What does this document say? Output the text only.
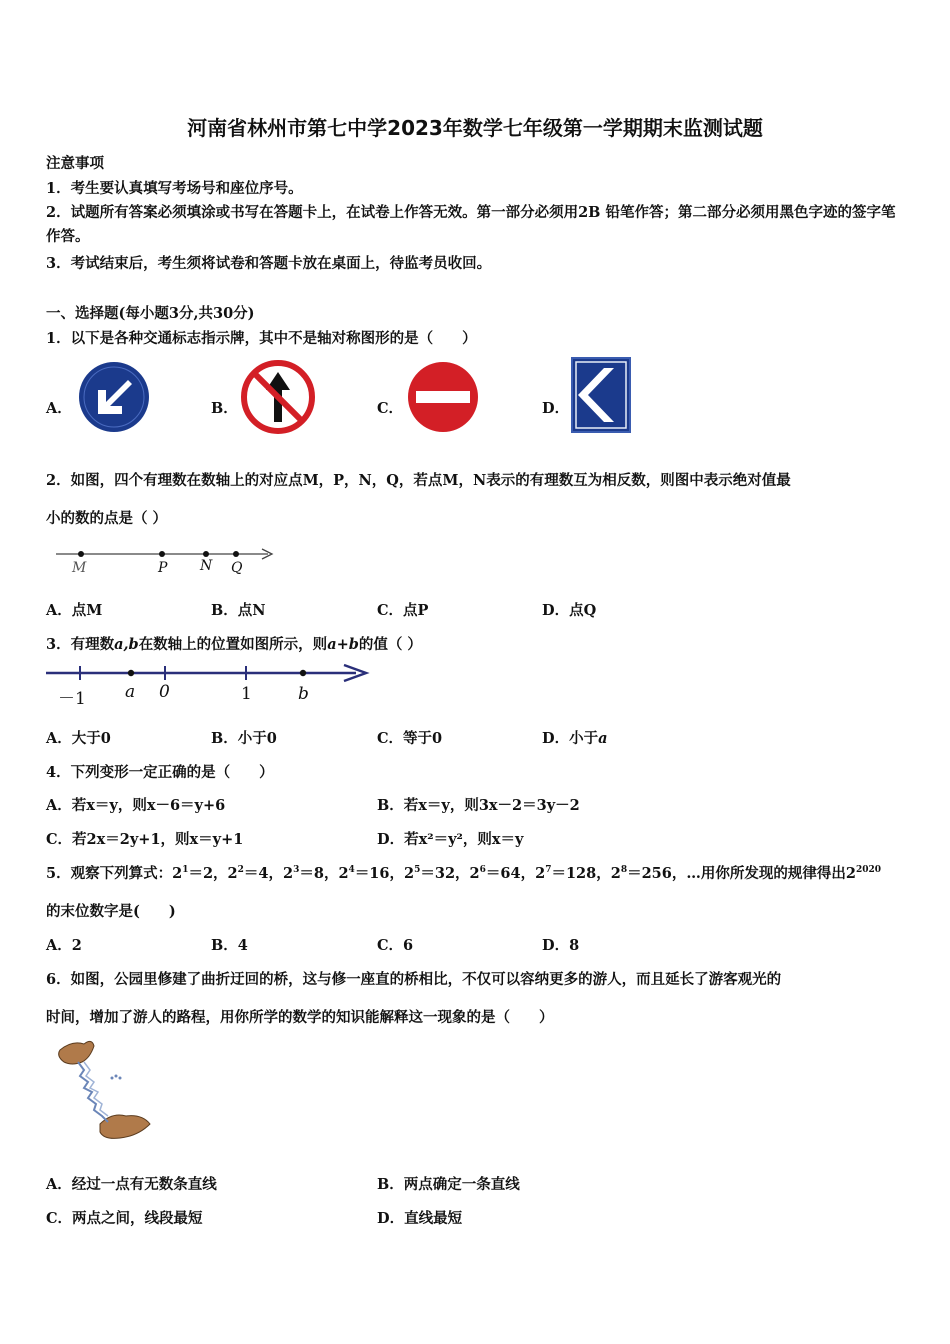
河南省林州市第七中学2023年数学七年级第一学期期末监测试题
注意事项
1．考生要认真填写考场号和座位序号。
2．试题所有答案必须填涂或书写在答题卡上，在试卷上作答无效。第一部分必须用2B 铅笔作答；第二部分必须用黑色字迹的签字笔作答。
3．考试结束后，考生须将试卷和答题卡放在桌面上，待监考员收回。
一、选择题(每小题3分,共30分)
1．以下是各种交通标志指示牌，其中不是轴对称图形的是（　　）
A．	B．	C．	D．
2．如图，四个有理数在数轴上的对应点M，P，N，Q，若点M，N表示的有理数互为相反数，则图中表示绝对值最
小的数的点是（ ）
M	P N Q
A．点M	B．点N	C．点P	D．点Q
3．有理数a,b在数轴上的位置如图所示，则a+b的值（ ）
－1 a 0	1	b
A．大于0	B．小于0	C．等于0	D．小于a
4．下列变形一定正确的是（　　）
A．若x＝y，则x－6＝y+6	B．若x＝y，则3x－2＝3y－2
C．若2x＝2y+1，则x＝y+1	D．若x²＝y²，则x＝y
5．观察下列算式：$2^1=2$，$2^2=4$，$2^3=8$，$2^4=16$，$2^5=32$，$2^6=64$，$2^7=128$，$2^8=256$，…用你所发现的规律得出$2^{2020}$
的末位数字是(　　)
A．2	B．4	C．6	D．8
6．如图，公园里修建了曲折迂回的桥，这与修一座直的桥相比，不仅可以容纳更多的游人，而且延长了游客观光的
时间，增加了游人的路程，用你所学的数学的知识能解释这一现象的是（　　）
A．经过一点有无数条直线	B．两点确定一条直线
C．两点之间，线段最短	D．直线最短
